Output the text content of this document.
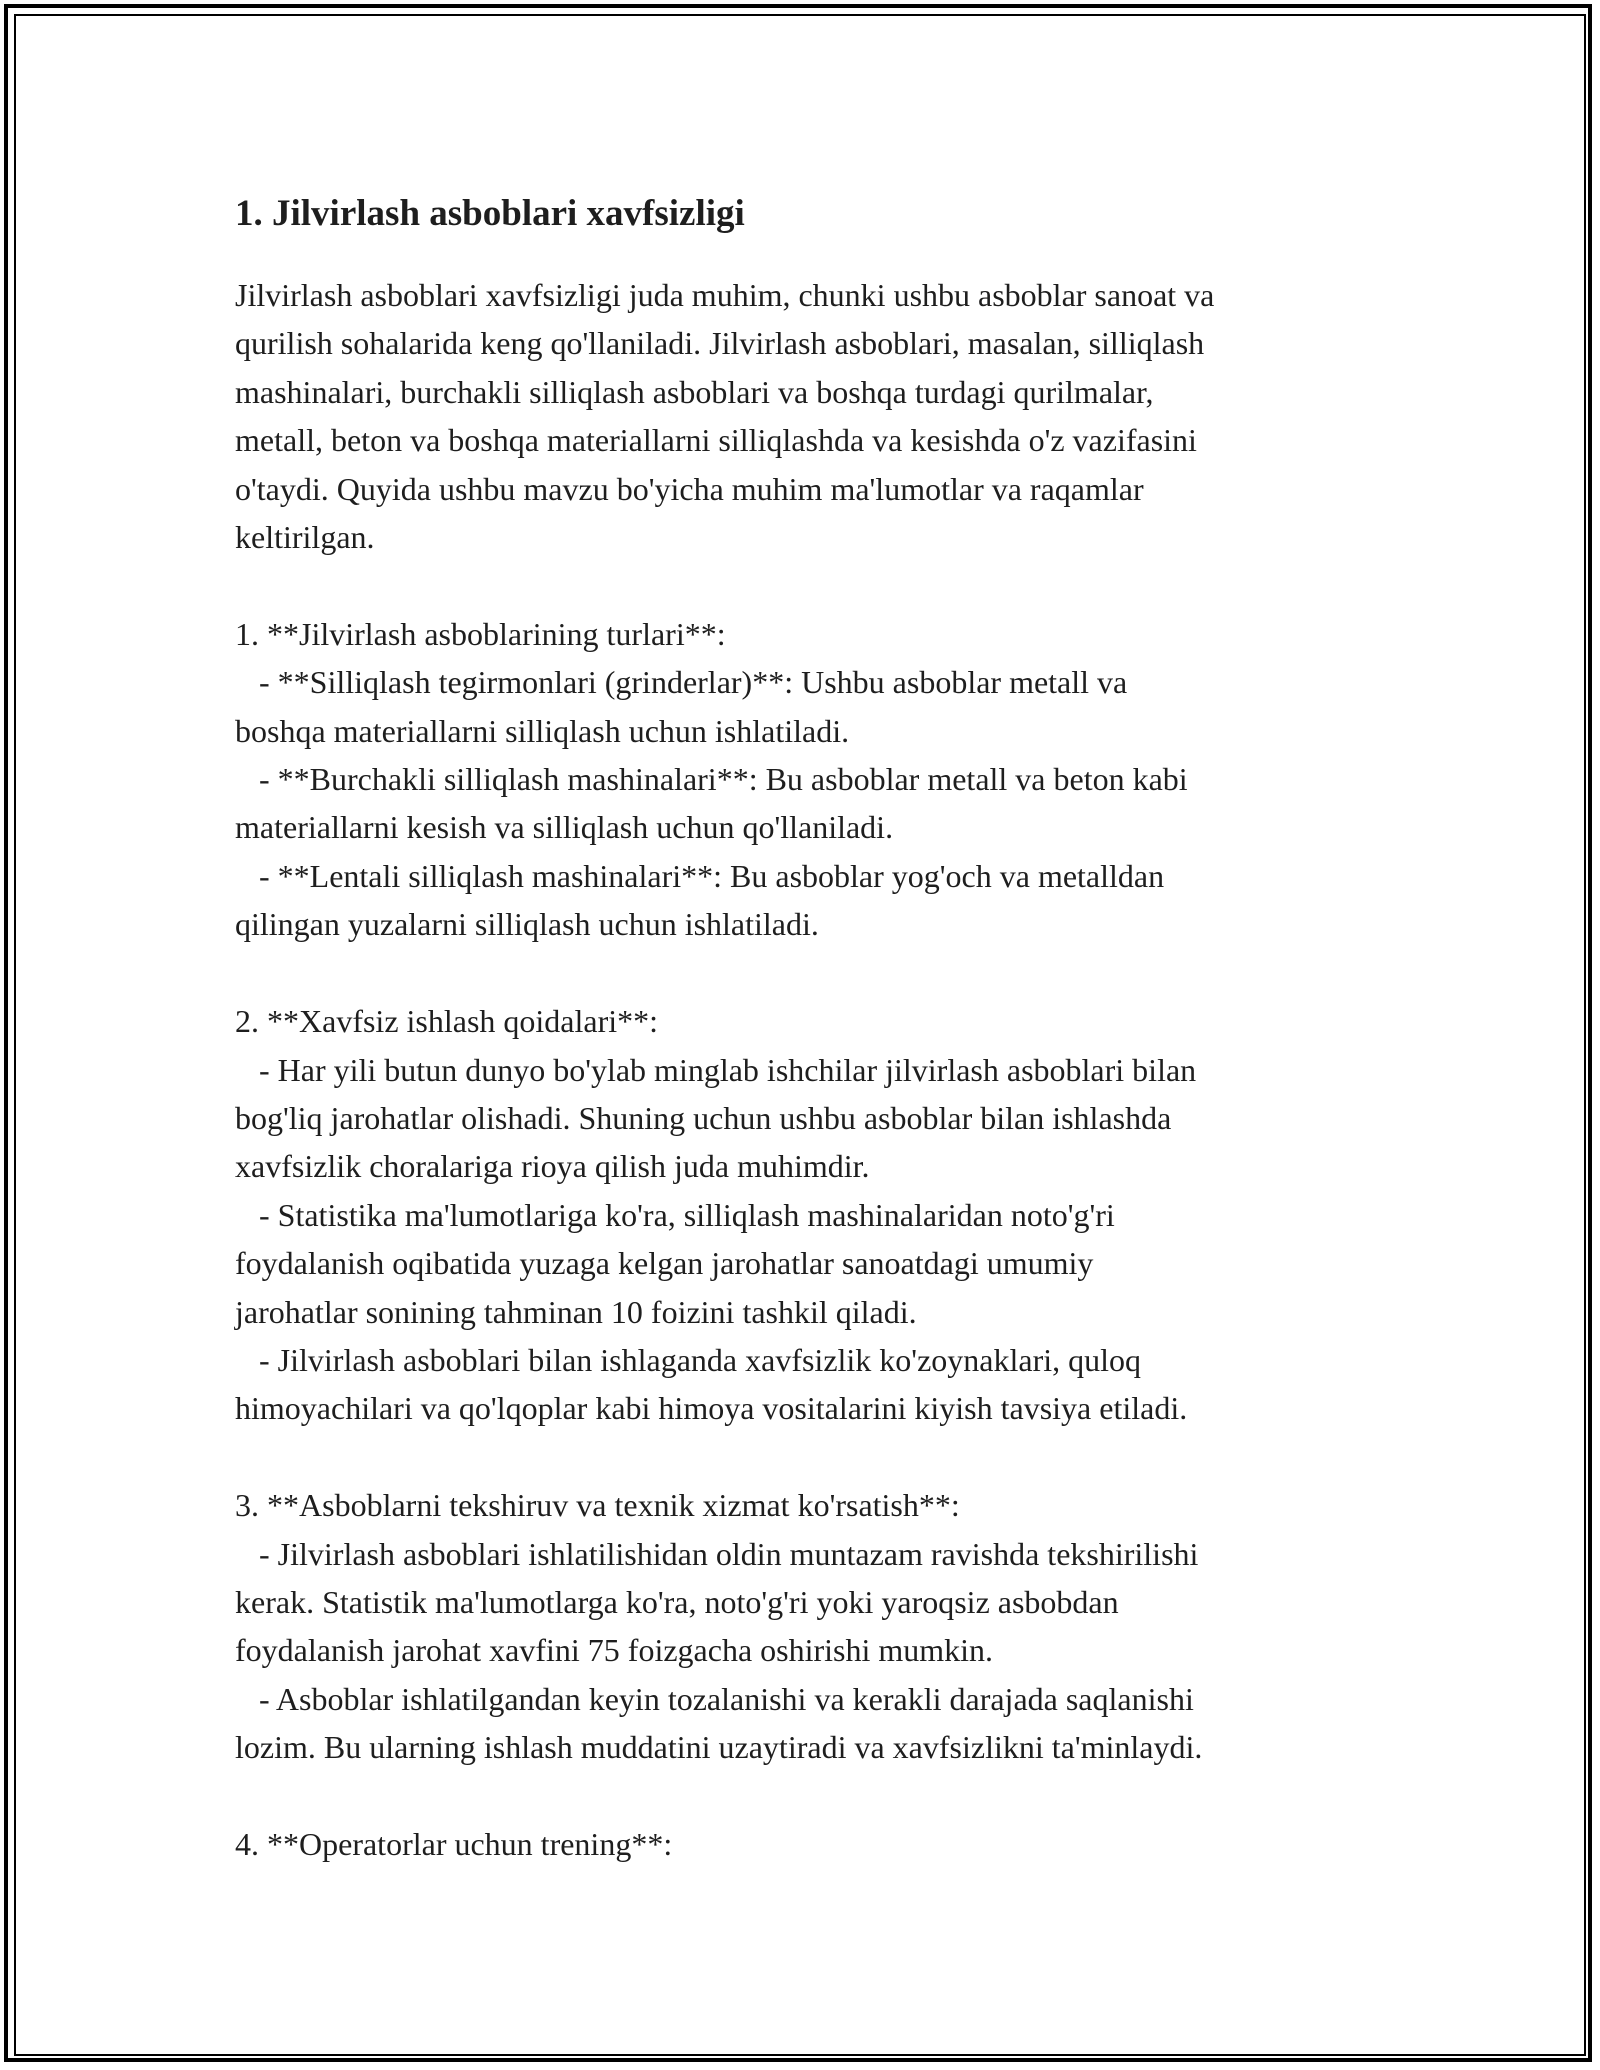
1. Jilvirlash asboblari xavfsizligi

Jilvirlash asboblari xavfsizligi juda muhim, chunki ushbu asboblar sanoat va
qurilish sohalarida keng qo'llaniladi. Jilvirlash asboblari, masalan, silliqlash
mashinalari, burchakli silliqlash asboblari va boshqa turdagi qurilmalar,
metall, beton va boshqa materiallarni silliqlashda va kesishda o'z vazifasini
o'taydi. Quyida ushbu mavzu bo'yicha muhim ma'lumotlar va raqamlar
keltirilgan.

1. **Jilvirlash asboblarining turlari**:
- **Silliqlash tegirmonlari (grinderlar)**: Ushbu asboblar metall va
boshqa materiallarni silliqlash uchun ishlatiladi.
- **Burchakli silliqlash mashinalari**: Bu asboblar metall va beton kabi
materiallarni kesish va silliqlash uchun qo'llaniladi.
- **Lentali silliqlash mashinalari**: Bu asboblar yog'och va metalldan
qilingan yuzalarni silliqlash uchun ishlatiladi.

2. **Xavfsiz ishlash qoidalari**:
- Har yili butun dunyo bo'ylab minglab ishchilar jilvirlash asboblari bilan
bog'liq jarohatlar olishadi. Shuning uchun ushbu asboblar bilan ishlashda
xavfsizlik choralariga rioya qilish juda muhimdir.
- Statistika ma'lumotlariga ko'ra, silliqlash mashinalaridan noto'g'ri
foydalanish oqibatida yuzaga kelgan jarohatlar sanoatdagi umumiy
jarohatlar sonining tahminan 10 foizini tashkil qiladi.
- Jilvirlash asboblari bilan ishlaganda xavfsizlik ko'zoynaklari, quloq
himoyachilari va qo'lqoplar kabi himoya vositalarini kiyish tavsiya etiladi.

3. **Asboblarni tekshiruv va texnik xizmat ko'rsatish**:
- Jilvirlash asboblari ishlatilishidan oldin muntazam ravishda tekshirilishi
kerak. Statistik ma'lumotlarga ko'ra, noto'g'ri yoki yaroqsiz asbobdan
foydalanish jarohat xavfini 75 foizgacha oshirishi mumkin.
- Asboblar ishlatilgandan keyin tozalanishi va kerakli darajada saqlanishi
lozim. Bu ularning ishlash muddatini uzaytiradi va xavfsizlikni ta'minlaydi.

4. **Operatorlar uchun trening**:
